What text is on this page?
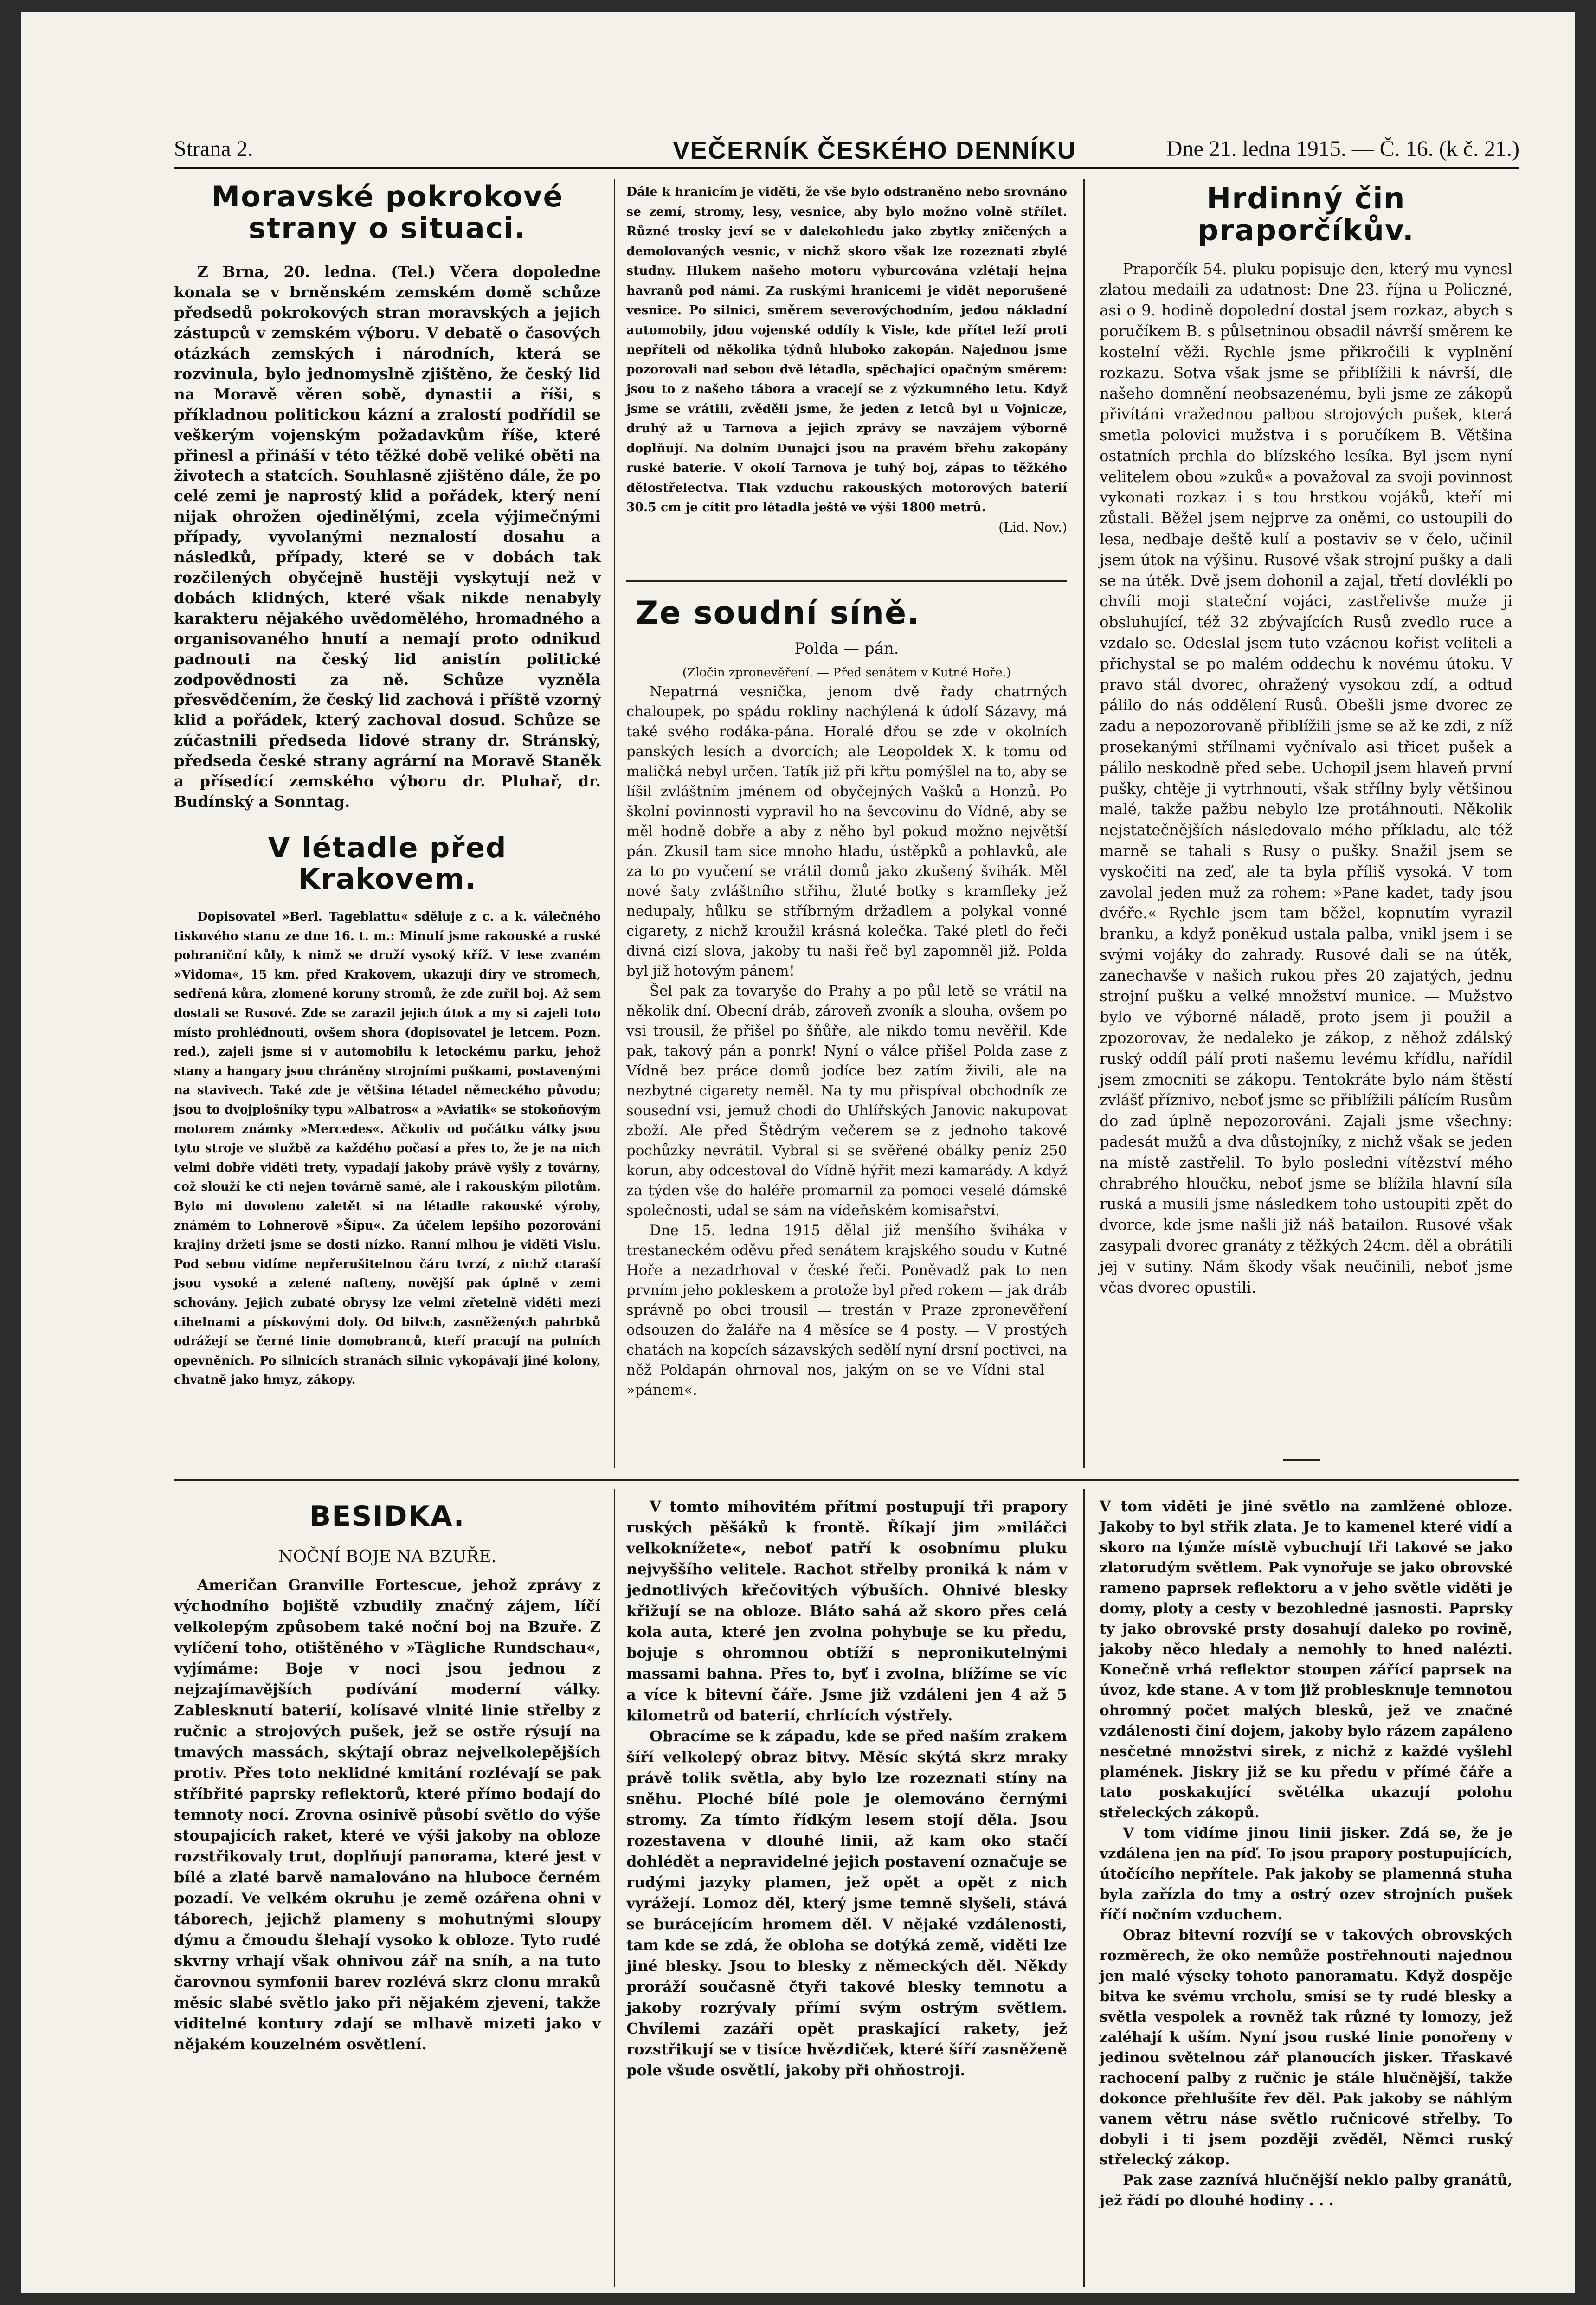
Strana 2.	VEČERNÍK ČESKÉHO DENNÍKU	Dne 21. ledna 1915. — Č. 16. (k č. 21.)
Moravské pokrokové strany o situaci.

Z Brna, 20. ledna. (Tel.) Včera dopoledne konala se v brněnském zemském domě schůze předsedů pokrokových stran moravských a jejich zástupců v zemském výboru. V debatě o časových otázkách zemských i národních, která se rozvinula, bylo jednomyslně zjištěno, že český lid na Moravě věren sobě, dynastii a říši, s příkladnou politickou kázní a zralostí podřídil se veškerým vojenským požadavkům říše, které přinesl a přináší v této těžké době veliké oběti na životech a statcích. Souhlasně zjištěno dále, že po celé zemi je naprostý klid a pořádek, který není nijak ohrožen ojedinělými, zcela výjimečnými případy, vyvolanými neznalostí dosahu a následků, případy, které se v dobách tak rozčilených obyčejně hustěji vyskytují než v dobách klidných, které však nikde nenabyly karakteru nějakého uvědomělého, hromadného a organisovaného hnutí a nemají proto odnikud padnouti na český lid anistín politické zodpovědnosti za ně. Schůze vyzněla přesvědčením, že český lid zachová i příště vzorný klid a pořádek, který zachoval dosud. Schůze se zúčastnili předseda lidové strany dr. Stránský, předseda české strany agrární na Moravě Staněk a přísedící zemského výboru dr. Pluhař, dr. Budínský a Sonntag.

V létadle před Krakovem.

Dopisovatel »Berl. Tageblattu« sděluje z c. a k. válečného tiskového stanu ze dne 16. t. m.: Minulí jsme rakouské a ruské pohraniční kůly, k nimž se druží vysoký kříž. V lese zvaném »Vidoma«, 15 km. před Krakovem, ukazují díry ve stromech, sedřená kůra, zlomené koruny stromů, že zde zuřil boj. Až sem dostali se Rusové. Zde se zarazil jejich útok a my si zajeli toto místo prohlédnouti, ovšem shora (dopisovatel je letcem. Pozn. red.), zajeli jsme si v automobilu k letockému parku, jehož stany a hangary jsou chráněny strojními puškami, postavenými na stavivech. Také zde je většina létadel německého původu; jsou to dvojplošníky typu »Albatros« a »Aviatik« se stokoňovým motorem známky »Mercedes«. Ačkoliv od počátku války jsou tyto stroje ve službě za každého počasí a přes to, že je na nich velmi dobře viděti trety, vypadají jakoby právě vyšly z továrny, což slouží ke cti nejen továrně samé, ale i rakouským pilotům. Bylo mi dovoleno zaletět si na létadle rakouské výroby, známém to Lohnerově »Šípu«. Za účelem lepšího pozorování krajiny držeti jsme se dosti nízko. Ranní mlhou je viděti Vislu. Pod sebou vidíme nepřerušitelnou čáru tvrzí, z nichž ctaraší jsou vysoké a zelené nafteny, novější pak úplně v zemi schovány. Jejich zubaté obrysy lze velmi zřetelně viděti mezi cihelnami a pískovými doly. Od bilvch, zasněžených pahrbků odrážejí se černé linie domobranců, kteří pracují na polních opevněních. Po silnicích stranách silnic vykopávají jiné kolony, chvatně jako hmyz, zákopy.

Dále k hranicím je viděti, že vše bylo odstraněno nebo srovnáno se zemí, stromy, lesy, vesnice, aby bylo možno volně střílet. Různé trosky jeví se v dalekohledu jako zbytky zničených a demolovaných vesnic, v nichž skoro však lze rozeznati zbylé studny. Hlukem našeho motoru vyburcována vzlétají hejna havranů pod námi. Za ruskými hranicemi je vidět neporušené vesnice. Po silnici, směrem severovýchodním, jedou nákladní automobily, jdou vojenské oddíly k Visle, kde přítel leží proti nepříteli od několika týdnů hluboko zakopán. Najednou jsme pozorovali nad sebou dvě létadla, spěchající opačným směrem: jsou to z našeho tábora a vracejí se z výzkumného letu. Když jsme se vrátili, zvěděli jsme, že jeden z letců byl u Vojnicze, druhý až u Tarnova a jejich zprávy se navzájem výborně doplňují. Na dolním Dunajci jsou na pravém břehu zakopány ruské baterie. V okolí Tarnova je tuhý boj, zápas to těžkého dělostřelectva. Tlak vzduchu rakouských motorových baterií 30.5 cm je cítit pro létadla ještě ve výši 1800 metrů.

(Lid. Nov.)
Ze soudní síně.
Polda — pán.
(Zločin zpronevěření. — Před senátem v Kutné Hoře.)

Nepatrná vesnička, jenom dvě řady chatrných chaloupek, po spádu rokliny nachýlená k údolí Sázavy, má také svého rodáka-pána. Horalé dřou se zde v okolních panských lesích a dvorcích; ale Leopoldek X. k tomu od maličká nebyl určen. Tatík již při křtu pomýšlel na to, aby se líšil zvláštním jménem od obyčejných Vašků a Honzů. Po školní povinnosti vypravil ho na ševcovinu do Vídně, aby se měl hodně dobře a aby z něho byl pokud možno největší pán. Zkusil tam sice mnoho hladu, ústěpků a pohlavků, ale za to po vyučení se vrátil domů jako zkušený švihák. Měl nové šaty zvláštního střihu, žluté botky s kramfleky jež nedupaly, hůlku se stříbrným držadlem a polykal vonné cigarety, z nichž kroužil krásná kolečka. Také pletl do řeči divná cizí slova, jakoby tu naši řeč byl zapomněl již. Polda byl již hotovým pánem!

Šel pak za tovaryše do Prahy a po půl letě se vrátil na několik dní. Obecní dráb, zároveň zvoník a slouha, ovšem po vsi trousil, že přišel po šňůře, ale nikdo tomu nevěřil. Kde pak, takový pán a ponrk! Nyní o válce přišel Polda zase z Vídně bez práce domů jodíce bez zatím živili, ale na nezbytné cigarety neměl. Na ty mu přispíval obchodník ze sousední vsi, jemuž chodi do Uhlířských Janovic nakupovat zboží. Ale před Štědrým večerem se z jednoho takové pochůzky nevrátil. Vybral si se svěřené obálky peníz 250 korun, aby odcestoval do Vídně hýřit mezi kamarády. A když za týden vše do haléře promarnil za pomoci veselé dámské společnosti, udal se sám na vídeňském komisařství.

Dne 15. ledna 1915 dělal již menšího šviháka v trestaneckém oděvu před senátem krajského soudu v Kutné Hoře a nezadrhoval v české řeči. Poněvadž pak to nen prvním jeho pokleskem a protože byl před rokem — jak dráb správně po obci trousil — trestán v Praze zpronevěření odsouzen do žaláře na 4 měsíce se 4 posty. — V prostých chatách na kopcích sázavských sedělí nyní drsní poctivci, na něž Poldapán ohrnoval nos, jakým on se ve Vídni stal — »pánem«.

Hrdinný čin praporčíkův.

Praporčík 54. pluku popisuje den, který mu vynesl zlatou medaili za udatnost: Dne 23. října u Policzné, asi o 9. hodině dopolední dostal jsem rozkaz, abych s poručíkem B. s půlsetninou obsadil návrší směrem ke kostelní věži. Rychle jsme přikročili k vyplnění rozkazu. Sotva však jsme se přiblížili k návrší, dle našeho domnění neobsazenému, byli jsme ze zákopů přivítáni vražednou palbou strojových pušek, která smetla polovici mužstva i s poručíkem B. Většina ostatních prchla do blízského lesíka. Byl jsem nyní velitelem obou »zuků« a považoval za svoji povinnost vykonati rozkaz i s tou hrstkou vojáků, kteří mi zůstali. Běžel jsem nejprve za oněmi, co ustoupili do lesa, nedbaje deště kulí a postaviv se v čelo, učinil jsem útok na výšinu. Rusové však strojní pušky a dali se na útěk. Dvě jsem dohonil a zajal, třetí dovlékli po chvíli moji stateční vojáci, zastřelivše muže ji obsluhující, též 32 zbývajících Rusů zvedlo ruce a vzdalo se. Odeslal jsem tuto vzácnou kořist veliteli a přichystal se po malém oddechu k novému útoku. V pravo stál dvorec, ohražený vysokou zdí, a odtud pálilo do nás oddělení Rusů. Obešli jsme dvorec ze zadu a nepozorovaně přiblížili jsme se až ke zdi, z níž prosekanými střílnami vyčnívalo asi třicet pušek a pálilo neskodně před sebe. Uchopil jsem hlaveň první pušky, chtěje ji vytrhnouti, však střílny byly většinou malé, takže pažbu nebylo lze protáhnouti. Několik nejstatečnějších následovalo mého příkladu, ale též marně se tahali s Rusy o pušky. Snažil jsem se vyskočiti na zeď, ale ta byla příliš vysoká. V tom zavolal jeden muž za rohem: »Pane kadet, tady jsou dvéře.« Rychle jsem tam běžel, kopnutím vyrazil branku, a když poněkud ustala palba, vnikl jsem i se svými vojáky do zahrady. Rusové dali se na útěk, zanechavše v našich rukou přes 20 zajatých, jednu strojní pušku a velké množství munice. — Mužstvo bylo ve výborné náladě, proto jsem ji použil a zpozorovav, že nedaleko je zákop, z něhož zdálský ruský oddíl pálí proti našemu levému křídlu, nařídil jsem zmocniti se zákopu. Tentokráte bylo nám štěstí zvlášť příznivo, neboť jsme se přiblížili pálícím Rusům do zad úplně nepozorováni. Zajali jsme všechny: padesát mužů a dva důstojníky, z nichž však se jeden na místě zastřelil. To bylo posledni vítězství mého chrabrého hloučku, neboť jsme se blížila hlavní síla ruská a musili jsme následkem toho ustoupiti zpět do dvorce, kde jsme našli již náš batailon. Rusové však zasypali dvorec granáty z těžkých 24cm. děl a obrátili jej v sutiny. Nám škody však neučinili, neboť jsme včas dvorec opustili.

BESIDKA.
NOČNÍ BOJE NA BZUŘE.

Američan Granville Fortescue, jehož zprávy z východního bojiště vzbudily značný zájem, líčí velkolepým způsobem také noční boj na Bzuře. Z vylíčení toho, otištěného v »Tägliche Rundschau«, vyjímáme: Boje v noci jsou jednou z nejzajímavějších podívání moderní války. Zablesknutí baterií, kolísavé vlnité linie střelby z ručnic a strojových pušek, jež se ostře rýsují na tmavých massách, skýtají obraz nejvelkolepějších protiv. Přes toto neklidné kmitání rozlévají se pak stříbřité paprsky reflektorů, které přímo bodají do temnoty nocí. Zrovna osinivě působí světlo do výše stoupajících raket, které ve výši jakoby na obloze rozstřikovaly trut, doplňují panorama, které jest v bílé a zlaté barvě namalováno na hluboce černém pozadí. Ve velkém okruhu je země ozářena ohni v táborech, jejichž plameny s mohutnými sloupy dýmu a čmoudu šlehají vysoko k obloze. Tyto rudé skvrny vrhají však ohnivou zář na sníh, a na tuto čarovnou symfonii barev rozlévá skrz clonu mraků měsíc slabé světlo jako při nějakém zjevení, takže viditelné kontury zdají se mlhavě mizeti jako v nějakém kouzelném osvětlení.

V tomto mihovitém přítmí postupují tři prapory ruských pěšáků k frontě. Říkají jim »miláčci velkoknížete«, neboť patří k osobnímu pluku nejvyššího velitele. Rachot střelby proniká k nám v jednotlivých křečovitých výbuších. Ohnivé blesky křižují se na obloze. Bláto sahá až skoro přes celá kola auta, které jen zvolna pohybuje se ku předu, bojuje s ohromnou obtíží s nepronikutelnými massami bahna. Přes to, byť i zvolna, blížíme se víc a více k bitevní čáře. Jsme již vzdáleni jen 4 až 5 kilometrů od baterií, chrlících výstřely.

Obracíme se k západu, kde se před naším zrakem šíří velkolepý obraz bitvy. Měsíc skýtá skrz mraky právě tolik světla, aby bylo lze rozeznati stíny na sněhu. Ploché bílé pole je olemováno černými stromy. Za tímto řídkým lesem stojí děla. Jsou rozestavena v dlouhé linii, až kam oko stačí dohlédět a nepravidelné jejich postavení označuje se rudými jazyky plamen, jež opět a opět z nich vyrážejí. Lomoz děl, který jsme temně slyšeli, stává se burácejícím hromem děl. V nějaké vzdálenosti, tam kde se zdá, že obloha se dotýká země, viděti lze jiné blesky. Jsou to blesky z německých děl. Někdy proráží současně čtyři takové blesky temnotu a jakoby rozrývaly přímí svým ostrým světlem. Chvílemi zazáří opět praskající rakety, jež rozstřikují se v tisíce hvězdiček, které šíří zasněženě pole všude osvětlí, jakoby při ohňostroji.

V tom viděti je jiné světlo na zamlžené obloze. Jakoby to byl střik zlata. Je to kamenel které vidí a skoro na týmže místě vybuchují tři takové se jako zlatorudým světlem. Pak vynořuje se jako obrovské rameno paprsek reflektoru a v jeho světle viděti je domy, ploty a cesty v bezohledné jasnosti. Paprsky ty jako obrovské prsty dosahují daleko po rovině, jakoby něco hledaly a nemohly to hned nalézti. Konečně vrhá reflektor stoupen zářící paprsek na úvoz, kde stane. A v tom již problesknuje temnotou ohromný počet malých blesků, jež ve značné vzdálenosti činí dojem, jakoby bylo rázem zapáleno nesčetné množství sirek, z nichž z každé vyšlehl plamének. Jiskry již se ku předu v přímé čáře a tato poskakující světélka ukazují polohu střeleckých zákopů.

V tom vidíme jinou linii jisker. Zdá se, že je vzdálena jen na píď. To jsou prapory postupujících, útočícího nepřítele. Pak jakoby se plamenná stuha byla zařízla do tmy a ostrý ozev strojních pušek říčí nočním vzduchem.

Obraz bitevní rozvíjí se v takových obrovských rozměrech, že oko nemůže postřehnouti najednou jen malé výseky tohoto panoramatu. Když dospěje bitva ke svému vrcholu, smísí se ty rudé blesky a světla vespolek a rovněž tak různé ty lomozy, jež zaléhají k uším. Nyní jsou ruské linie ponořeny v jedinou světelnou zář planoucích jisker. Třaskavé rachocení palby z ručnic je stále hlučnější, takže dokonce přehlušíte řev děl. Pak jakoby se náhlým vanem větru náse světlo ručnicové střelby. To dobyli i ti jsem později zvěděl, Němci ruský střelecký zákop.

Pak zase zaznívá hlučnější neklo palby granátů, jež řádí po dlouhé hodiny . . .
